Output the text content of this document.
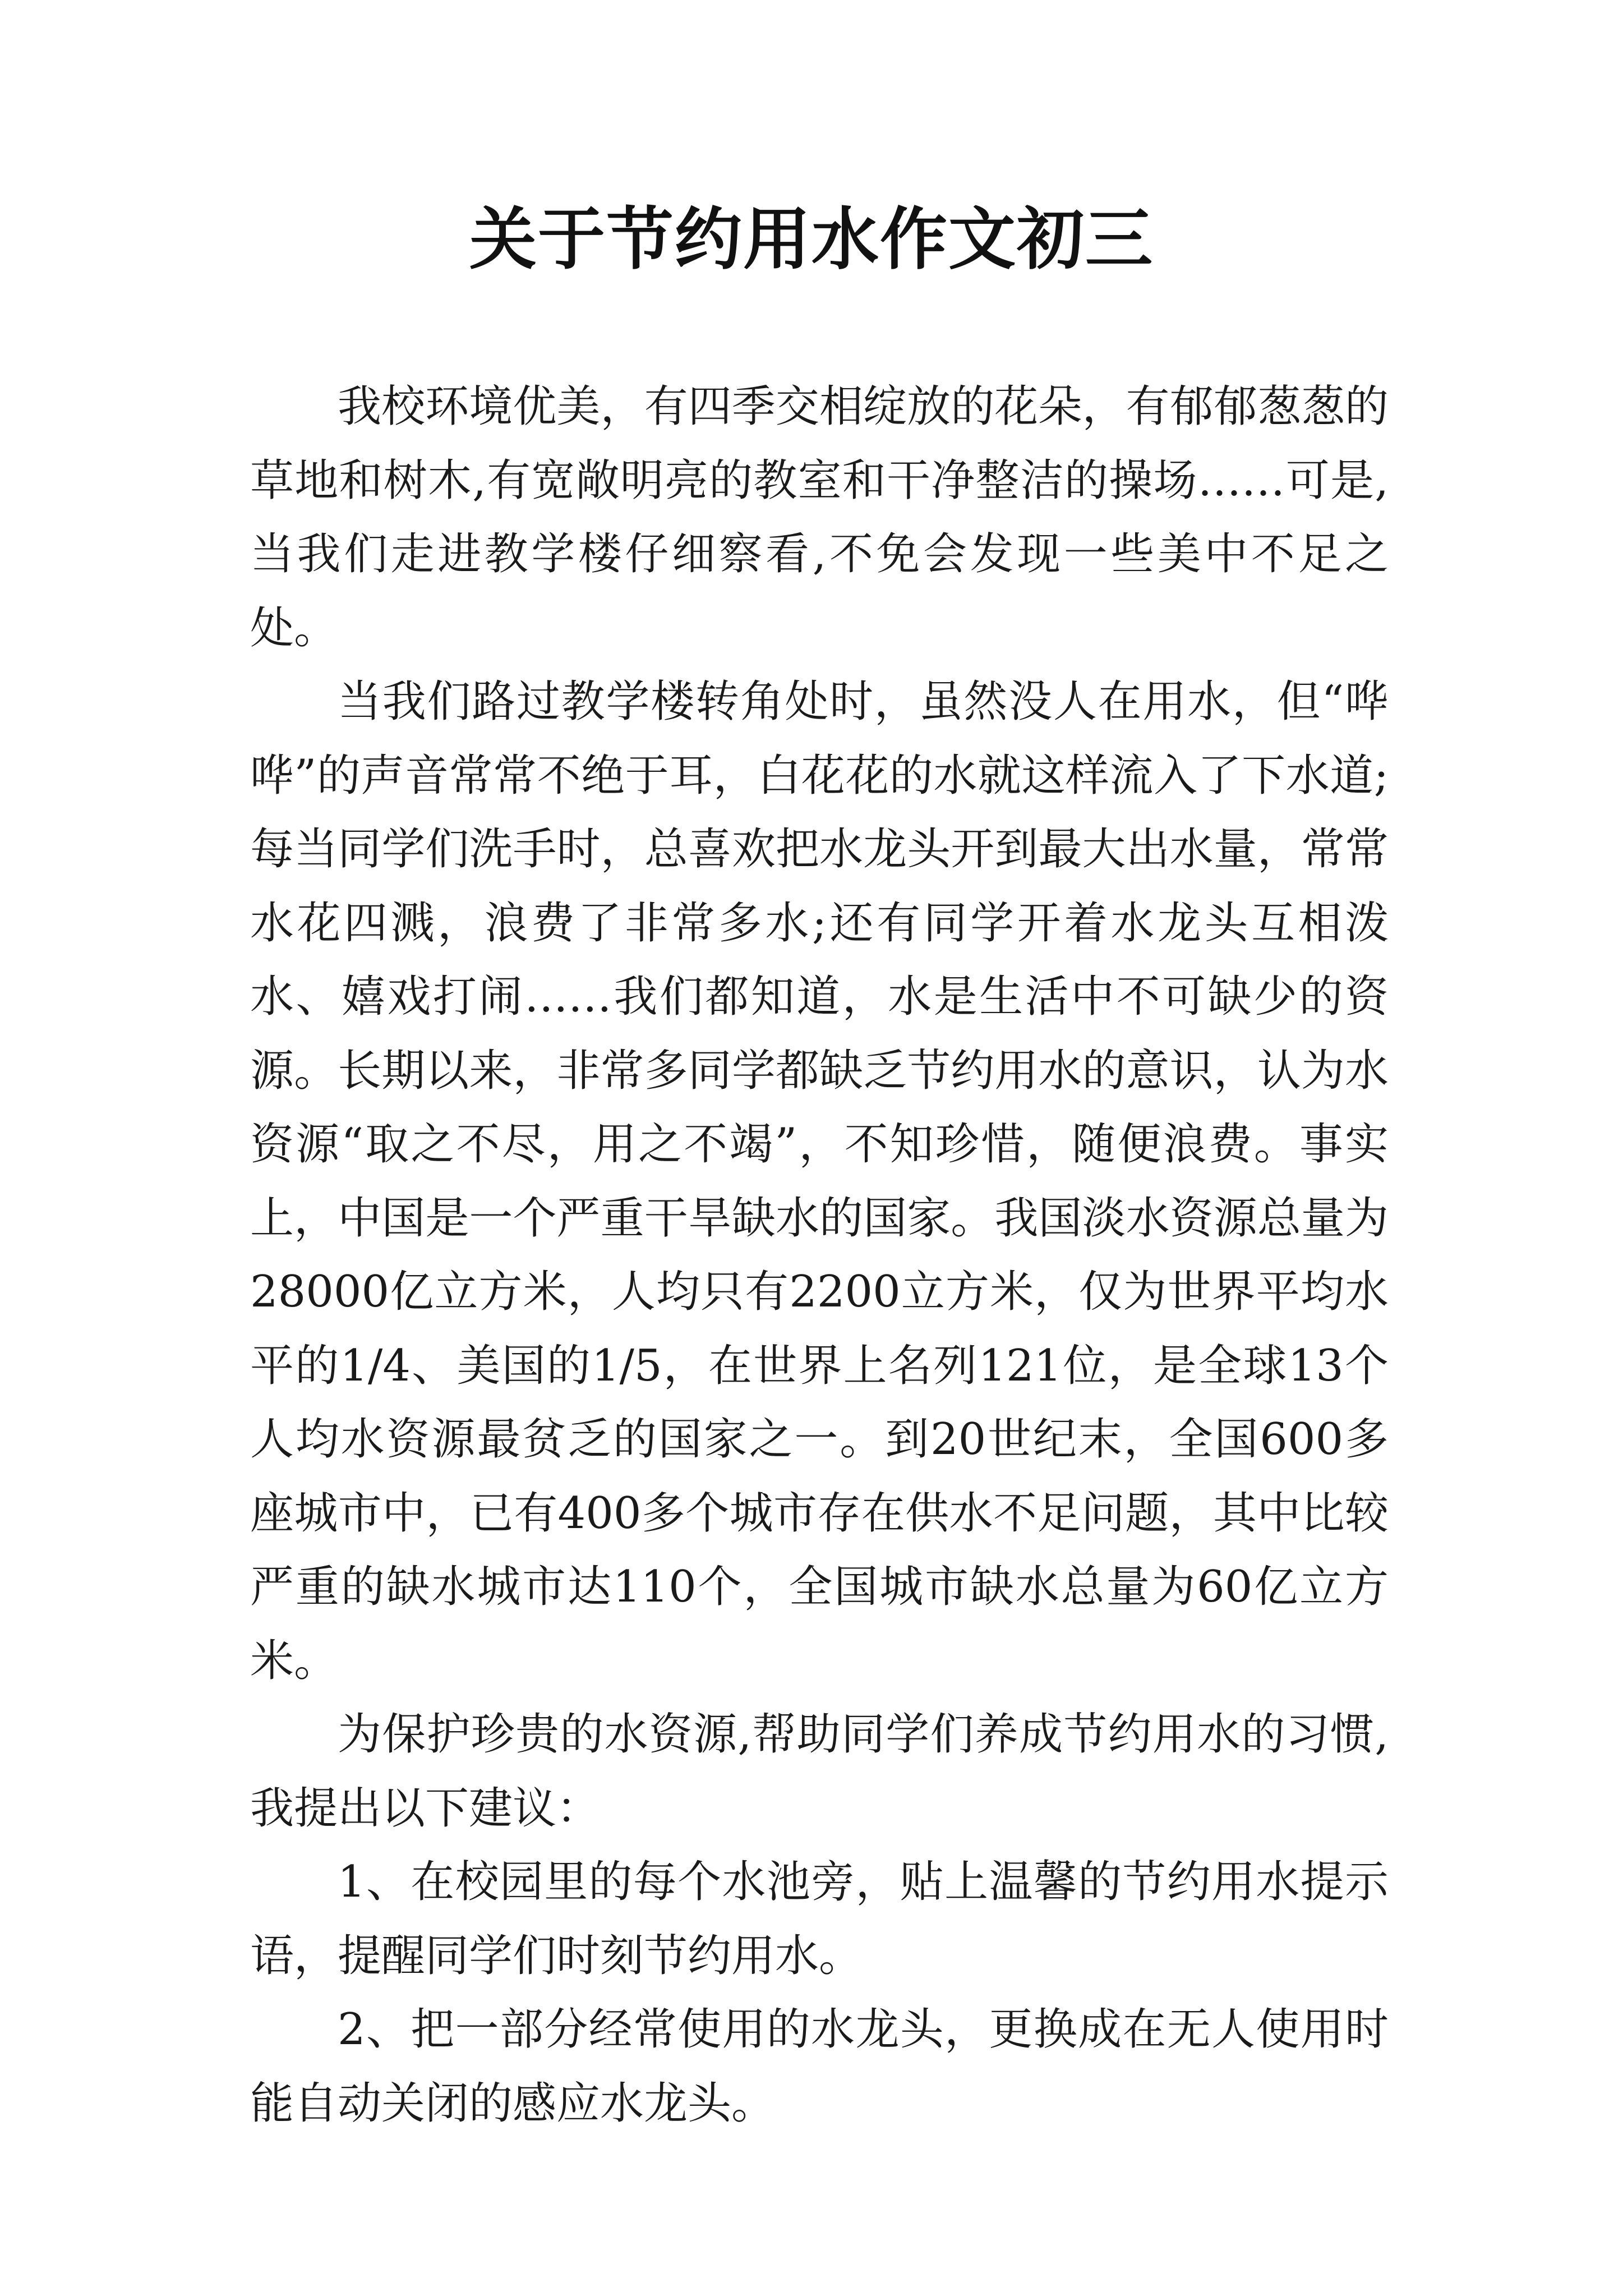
关于节约用水作文初三

我校环境优美，有四季交相绽放的花朵，有郁郁葱葱的草地和树木,有宽敞明亮的教室和干净整洁的操场……可是,当我们走进教学楼仔细察看,不免会发现一些美中不足之处。

当我们路过教学楼转角处时，虽然没人在用水，但“哗哗”的声音常常不绝于耳，白花花的水就这样流入了下水道;每当同学们洗手时，总喜欢把水龙头开到最大出水量，常常水花四溅，浪费了非常多水;还有同学开着水龙头互相泼水、嬉戏打闹……我们都知道，水是生活中不可缺少的资源。长期以来，非常多同学都缺乏节约用水的意识，认为水资源“取之不尽，用之不竭”，不知珍惜，随便浪费。事实上，中国是一个严重干旱缺水的国家。我国淡水资源总量为28000亿立方米，人均只有2200立方米，仅为世界平均水平的1/4、美国的1/5，在世界上名列121位，是全球13个人均水资源最贫乏的国家之一。到20世纪末，全国600多座城市中，已有400多个城市存在供水不足问题，其中比较严重的缺水城市达110个，全国城市缺水总量为60亿立方米。

为保护珍贵的水资源,帮助同学们养成节约用水的习惯,我提出以下建议：

1、在校园里的每个水池旁，贴上温馨的节约用水提示语，提醒同学们时刻节约用水。

2、把一部分经常使用的水龙头，更换成在无人使用时能自动关闭的感应水龙头。
